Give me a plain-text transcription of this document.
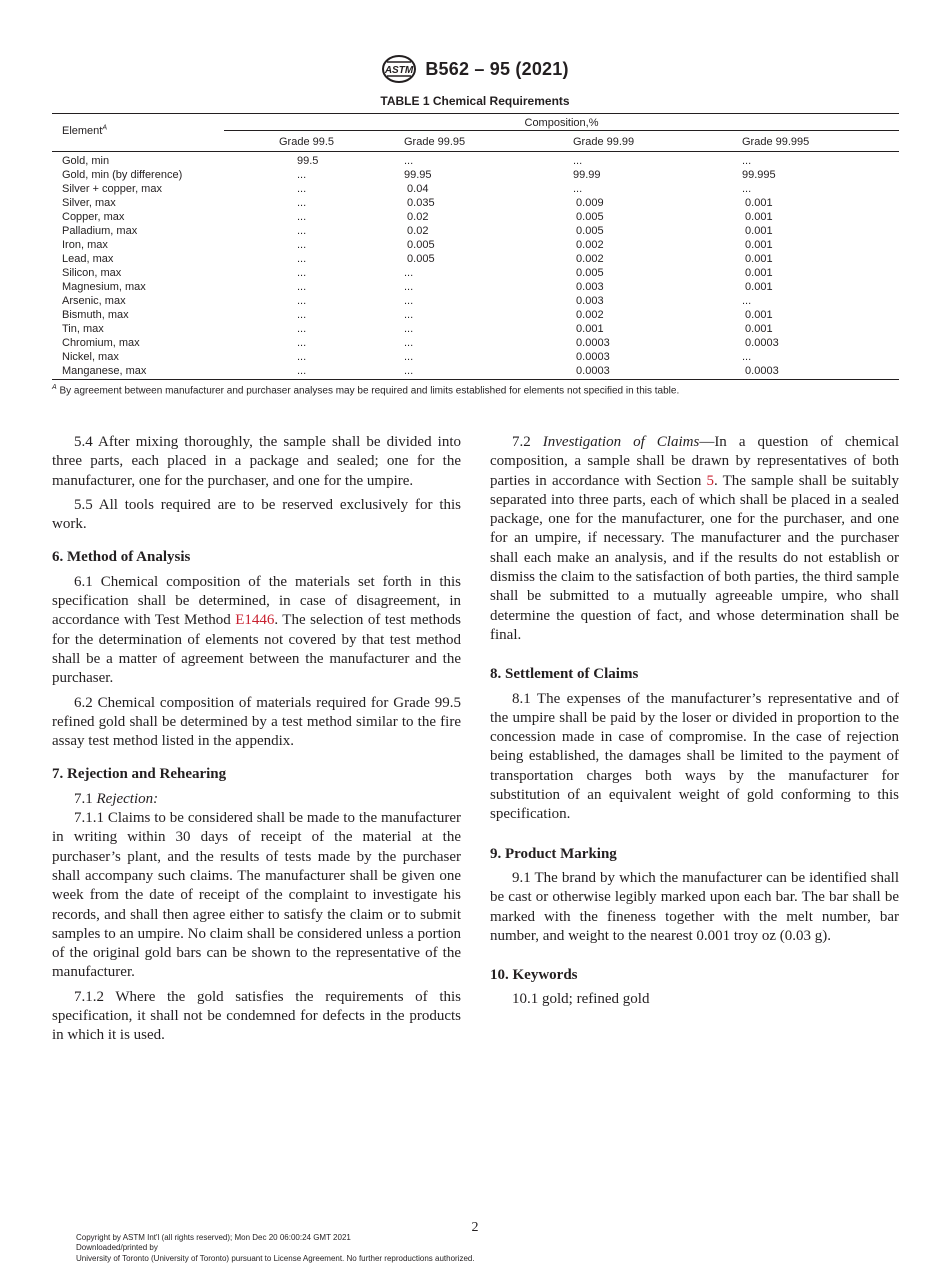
ASTM B562 – 95 (2021)
TABLE 1 Chemical Requirements
Element$^A$	Composition,%
Grade 99.5	Grade 99.95	Grade 99.99	Grade 99.995
Gold, min	99.5	...	...	...
Gold, min (by difference)	...	99.95	99.99	99.995
Silver + copper, max	...	0.04	...	...
Silver, max	...	0.035	0.009	0.001
Copper, max	...	0.02	0.005	0.001
Palladium, max	...	0.02	0.005	0.001
Iron, max	...	0.005	0.002	0.001
Lead, max	...	0.005	0.002	0.001
Silicon, max	...	...	0.005	0.001
Magnesium, max	...	...	0.003	0.001
Arsenic, max	...	...	0.003	...
Bismuth, max	...	...	0.002	0.001
Tin, max	...	...	0.001	0.001
Chromium, max	...	...	0.0003	0.0003
Nickel, max	...	...	0.0003	...
Manganese, max	...	...	0.0003	0.0003
$^A$ By agreement between manufacturer and purchaser analyses may be required and limits established for elements not specified in this table.

5.4 After mixing thoroughly, the sample shall be divided into three parts, each placed in a package and sealed; one for the manufacturer, one for the purchaser, and one for the umpire.

5.5 All tools required are to be reserved exclusively for this work.

6. Method of Analysis

6.1 Chemical composition of the materials set forth in this specification shall be determined, in case of disagreement, in accordance with Test Method E1446. The selection of test methods for the determination of elements not covered by that test method shall be a matter of agreement between the manufacturer and the purchaser.

6.2 Chemical composition of materials required for Grade 99.5 refined gold shall be determined by a test method similar to the fire assay test method listed in the appendix.

7. Rejection and Rehearing

7.1 Rejection:

7.1.1 Claims to be considered shall be made to the manufacturer in writing within 30 days of receipt of the material at the purchaser’s plant, and the results of tests made by the purchaser shall accompany such claims. The manufacturer shall be given one week from the date of receipt of the complaint to investigate his records, and shall then agree either to satisfy the claim or to submit samples to an umpire. No claim shall be considered unless a portion of the original gold bars can be shown to the representative of the manufacturer.

7.1.2 Where the gold satisfies the requirements of this specification, it shall not be condemned for defects in the products in which it is used.

7.2 Investigation of Claims—In a question of chemical composition, a sample shall be drawn by representatives of both parties in accordance with Section 5. The sample shall be suitably separated into three parts, each of which shall be placed in a sealed package, one for the manufacturer, one for the purchaser, and one for an umpire, if necessary. The manufacturer and the purchaser shall each make an analysis, and if the results do not establish or dismiss the claim to the satisfaction of both parties, the third sample shall be submitted to a mutually agreeable umpire, who shall determine the question of fact, and whose determination shall be final.

8. Settlement of Claims

8.1 The expenses of the manufacturer’s representative and of the umpire shall be paid by the loser or divided in proportion to the concession made in case of compromise. In the case of rejection being established, the damages shall be limited to the payment of transportation charges both ways by the manufacturer for substitution of an equivalent weight of gold conforming to this specification.

9. Product Marking

9.1 The brand by which the manufacturer can be identified shall be cast or otherwise legibly marked upon each bar. The bar shall be marked with the fineness together with the melt number, bar number, and weight to the nearest 0.001 troy oz (0.03 g).

10. Keywords

10.1 gold; refined gold

2
Copyright by ASTM Int'l (all rights reserved); Mon Dec 20 06:00:24 GMT 2021
Downloaded/printed by
University of Toronto (University of Toronto) pursuant to License Agreement. No further reproductions authorized.
